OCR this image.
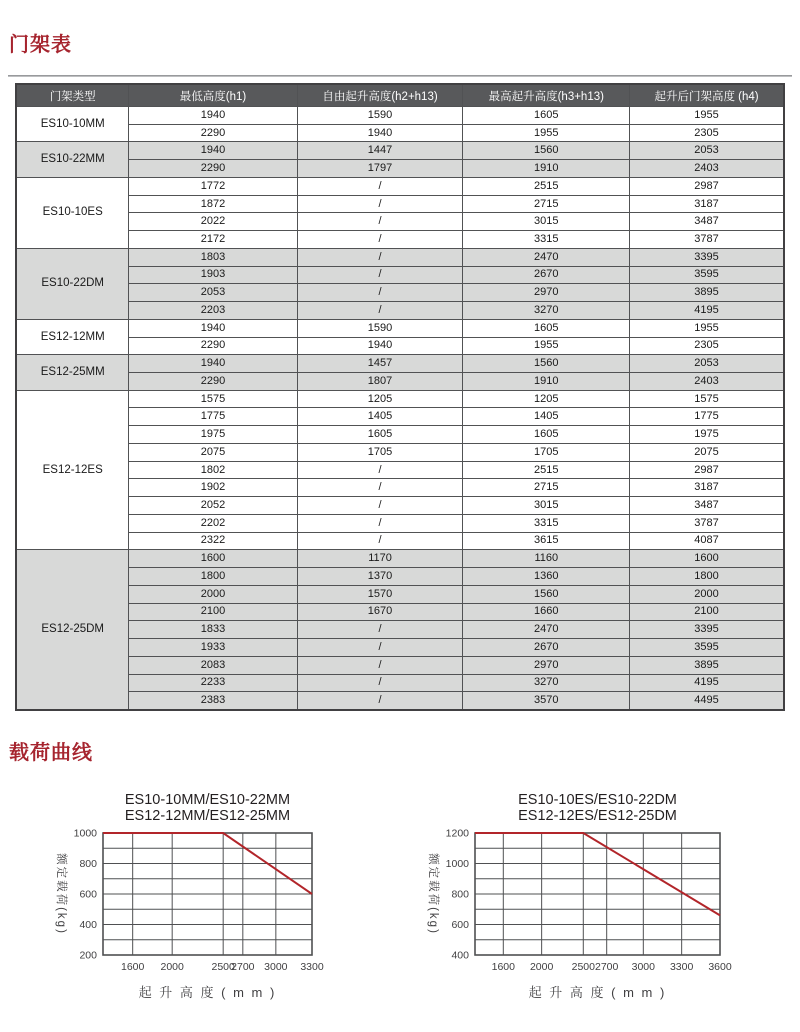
门架表
门架类型	最低高度(h1)	自由起升高度(h2+h13)	最高起升高度(h3+h13)	起升后门架高度 (h4)
ES10-10MM	1940	1590	1605	1955
	2290	1940	1955	2305
ES10-22MM	1940	1447	1560	2053
	2290	1797	1910	2403
ES10-10ES	1772	/	2515	2987
	1872	/	2715	3187
	2022	/	3015	3487
	2172	/	3315	3787
ES10-22DM	1803	/	2470	3395
	1903	/	2670	3595
	2053	/	2970	3895
	2203	/	3270	4195
ES12-12MM	1940	1590	1605	1955
	2290	1940	1955	2305
ES12-25MM	1940	1457	1560	2053
	2290	1807	1910	2403
ES12-12ES	1575	1205	1205	1575
	1775	1405	1405	1775
	1975	1605	1605	1975
	2075	1705	1705	2075
	1802	/	2515	2987
	1902	/	2715	3187
	2052	/	3015	3487
	2202	/	3315	3787
	2322	/	3615	4087
ES12-25DM	1600	1170	1160	1600
	1800	1370	1360	1800
	2000	1570	1560	2000
	2100	1670	1660	2100
	1833	/	2470	3395
	1933	/	2670	3595
	2083	/	2970	3895
	2233	/	3270	4195
	2383	/	3570	4495
载荷曲线
ES10-10MM/ES10-22MM
ES12-12MM/ES12-25MM
1000
800
600
400
200
1600 2000	2500
2700 3000 3300
额定载荷(kg)
起 升 高 度 ( m m )
ES10-10ES/ES10-22DM
ES12-12ES/ES12-25DM
1200
1000
800
600
400
1600 2000 2500 2700 3000 3300 3600
额定载荷(kg)
起 升 高 度 ( m m )
